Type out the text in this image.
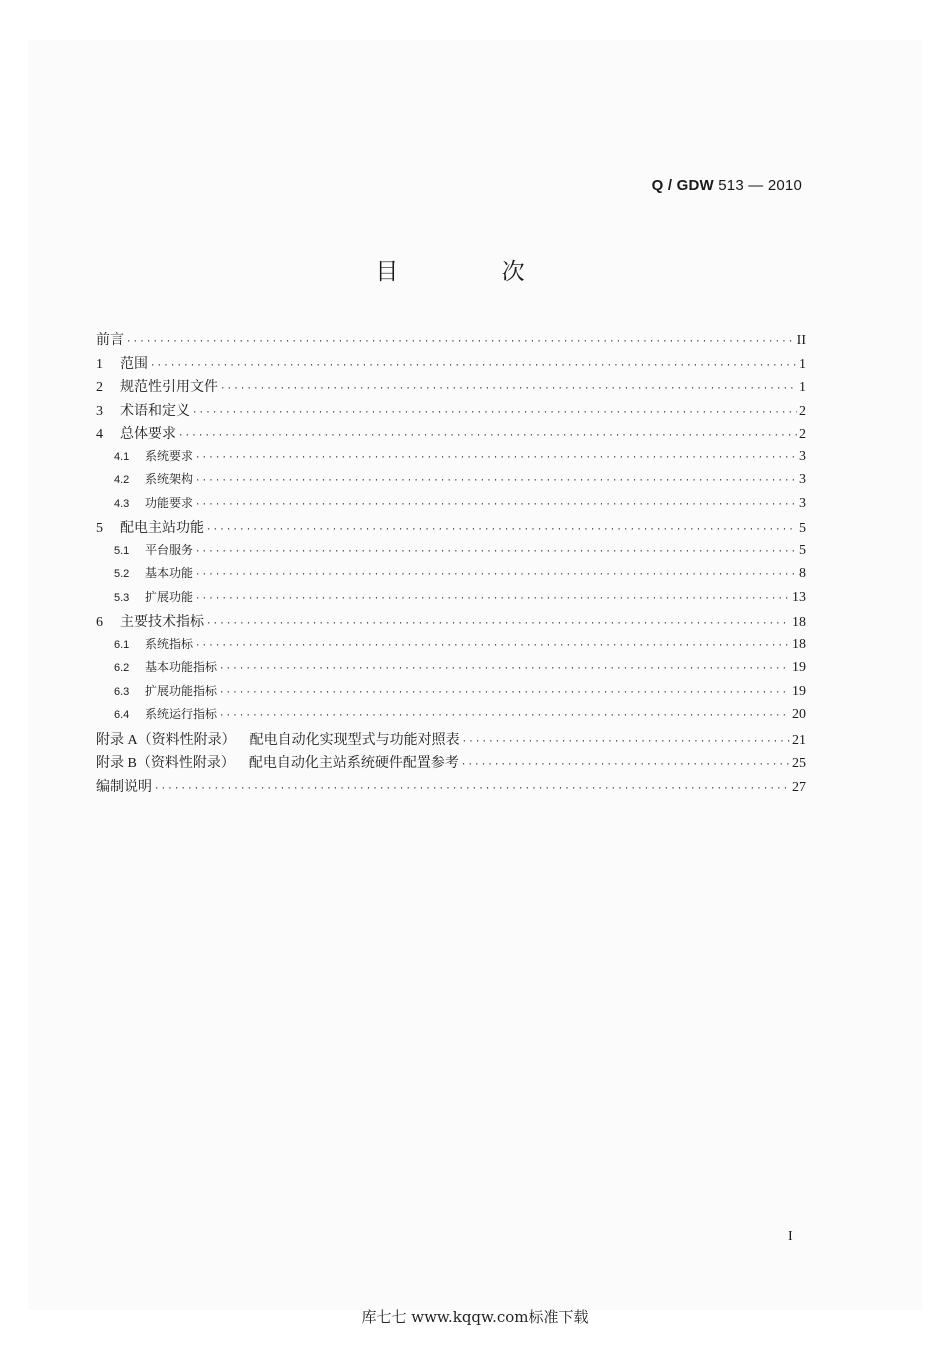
Q / GDW 513 — 2010
目 次
前言 ·····	II
1	范围 ·····	1
2	规范性引用文件 ·····	1
3	术语和定义 ·····	2
4	总体要求 ·····	2
4.1	系统要求 ·····	3
4.2	系统架构 ·····	3
4.3	功能要求 ·····	3
5	配电主站功能 ·····	5
5.1	平台服务 ·····	5
5.2	基本功能 ·····	8
5.3	扩展功能 ·····	13
6	主要技术指标 ·····	18
6.1	系统指标 ·····	18
6.2	基本功能指标 ·····	19
6.3	扩展功能指标 ·····	19
6.4	系统运行指标 ·····	20
附录 A（资料性附录） 配电自动化实现型式与功能对照表 ·····	21
附录 B（资料性附录） 配电自动化主站系统硬件配置参考 ·····	25
编制说明 ·····	27
I
库七七 www.kqqw.com标准下载
